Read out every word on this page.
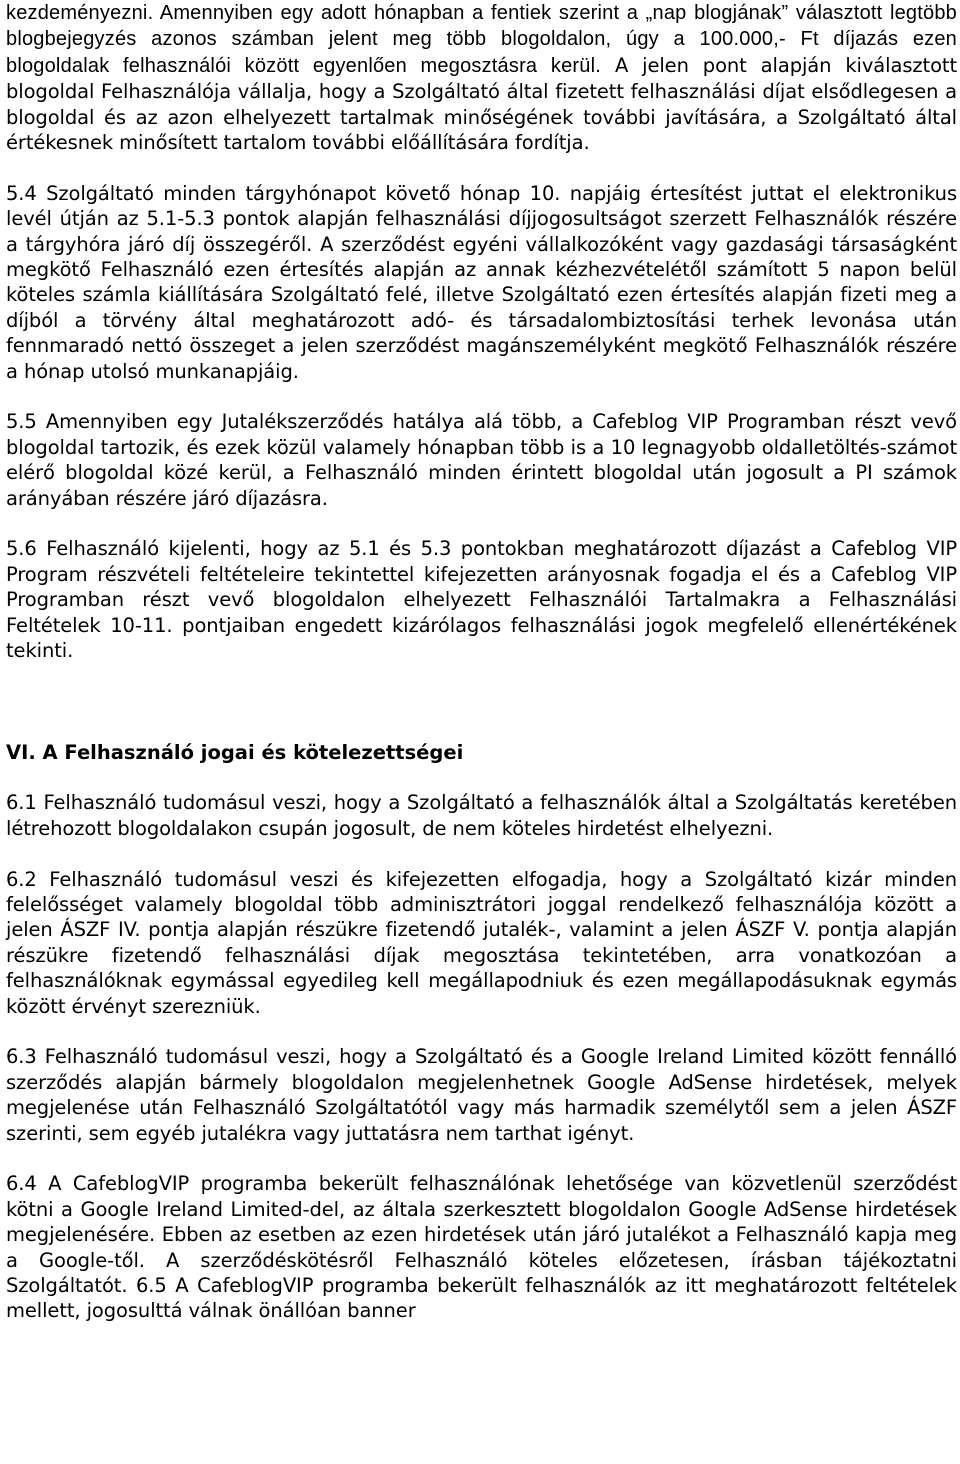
kezdeményezni. Amennyiben egy adott hónapban a fentiek szerint a „nap blogjának” választott legtöbb blogbejegyzés azonos számban jelent meg több blogoldalon, úgy a 100.000,- Ft díjazás ezen blogoldalak felhasználói között egyenlően megosztásra kerül. A jelen pont alapján kiválasztott blogoldal Felhasználója vállalja, hogy a Szolgáltató által fizetett felhasználási díjat elsődlegesen a blogoldal és az azon elhelyezett tartalmak minőségének további javítására, a Szolgáltató által értékesnek minősített tartalom további előállítására fordítja.

5.4 Szolgáltató minden tárgyhónapot követő hónap 10. napjáig értesítést juttat el elektronikus levél útján az 5.1-5.3 pontok alapján felhasználási díjjogosultságot szerzett Felhasználók részére a tárgyhóra járó díj összegéről. A szerződést egyéni vállalkozóként vagy gazdasági társaságként megkötő Felhasználó ezen értesítés alapján az annak kézhezvételétől számított 5 napon belül köteles számla kiállítására Szolgáltató felé, illetve Szolgáltató ezen értesítés alapján fizeti meg a díjból a törvény által meghatározott adó- és társadalombiztosítási terhek levonása után fennmaradó nettó összeget a jelen szerződést magánszemélyként megkötő Felhasználók részére a hónap utolsó munkanapjáig.

5.5 Amennyiben egy Jutalékszerződés hatálya alá több, a Cafeblog VIP Programban részt vevő blogoldal tartozik, és ezek közül valamely hónapban több is a 10 legnagyobb oldalletöltés-számot elérő blogoldal közé kerül, a Felhasználó minden érintett blogoldal után jogosult a PI számok arányában részére járó díjazásra.

5.6 Felhasználó kijelenti, hogy az 5.1 és 5.3 pontokban meghatározott díjazást a Cafeblog VIP Program részvételi feltételeire tekintettel kifejezetten arányosnak fogadja el és a Cafeblog VIP Programban részt vevő blogoldalon elhelyezett Felhasználói Tartalmakra a Felhasználási Feltételek 10-11. pontjaiban engedett kizárólagos felhasználási jogok megfelelő ellenértékének tekinti.

VI. A Felhasználó jogai és kötelezettségei

6.1 Felhasználó tudomásul veszi, hogy a Szolgáltató a felhasználók által a Szolgáltatás keretében létrehozott blogoldalakon csupán jogosult, de nem köteles hirdetést elhelyezni.

6.2 Felhasználó tudomásul veszi és kifejezetten elfogadja, hogy a Szolgáltató kizár minden felelősséget valamely blogoldal több adminisztrátori joggal rendelkező felhasználója között a jelen ÁSZF IV. pontja alapján részükre fizetendő jutalék-, valamint a jelen ÁSZF V. pontja alapján részükre fizetendő felhasználási díjak megosztása tekintetében, arra vonatkozóan a felhasználóknak egymással egyedileg kell megállapodniuk és ezen megállapodásuknak egymás között érvényt szerezniük.

6.3 Felhasználó tudomásul veszi, hogy a Szolgáltató és a Google Ireland Limited között fennálló szerződés alapján bármely blogoldalon megjelenhetnek Google AdSense hirdetések, melyek megjelenése után Felhasználó Szolgáltatótól vagy más harmadik személytől sem a jelen ÁSZF szerinti, sem egyéb jutalékra vagy juttatásra nem tarthat igényt.

6.4 A CafeblogVIP programba bekerült felhasználónak lehetősége van közvetlenül szerződést kötni a Google Ireland Limited-del, az általa szerkesztett blogoldalon Google AdSense hirdetések megjelenésére. Ebben az esetben az ezen hirdetések után járó jutalékot a Felhasználó kapja meg a Google-től. A szerződéskötésről Felhasználó köteles előzetesen, írásban tájékoztatni Szolgáltatót. 6.5 A CafeblogVIP programba bekerült felhasználók az itt meghatározott feltételek mellett, jogosulttá válnak önállóan banner
